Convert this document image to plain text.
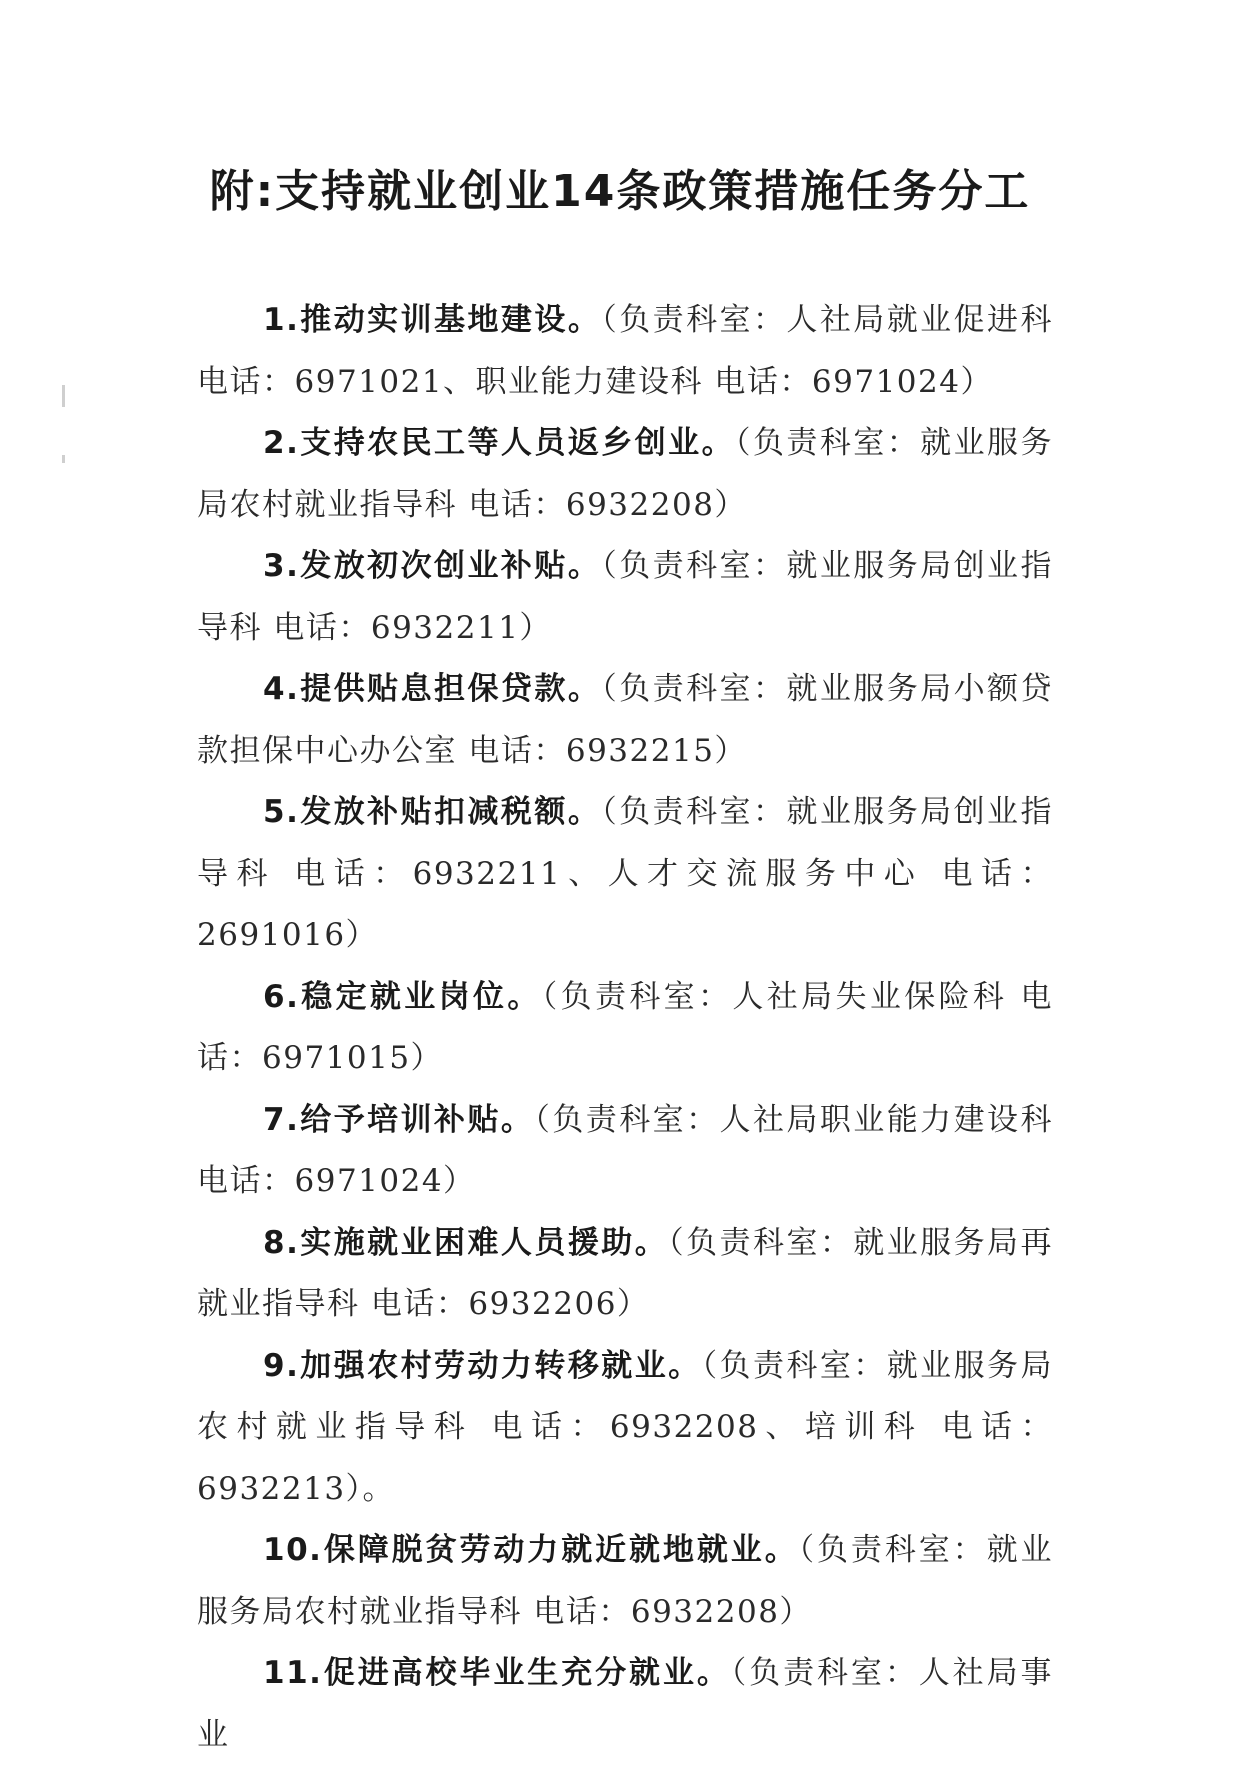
附:支持就业创业14条政策措施任务分工

1.推动实训基地建设。（负责科室：人社局就业促进科 电话：6971021、职业能力建设科 电话：6971024）

2.支持农民工等人员返乡创业。（负责科室：就业服务局农村就业指导科 电话：6932208）

3.发放初次创业补贴。（负责科室：就业服务局创业指导科 电话：6932211）

4.提供贴息担保贷款。（负责科室：就业服务局小额贷款担保中心办公室 电话：6932215）

5.发放补贴扣减税额。（负责科室：就业服务局创业指导科 电话：6932211、人才交流服务中心 电话：2691016）

6.稳定就业岗位。（负责科室：人社局失业保险科 电话：6971015）

7.给予培训补贴。（负责科室：人社局职业能力建设科 电话：6971024）

8.实施就业困难人员援助。（负责科室：就业服务局再就业指导科 电话：6932206）

9.加强农村劳动力转移就业。（负责科室：就业服务局农村就业指导科 电话：6932208、培训科 电话：6932213）。

10.保障脱贫劳动力就近就地就业。（负责科室：就业服务局农村就业指导科 电话：6932208）

11.促进高校毕业生充分就业。（负责科室：人社局事业
